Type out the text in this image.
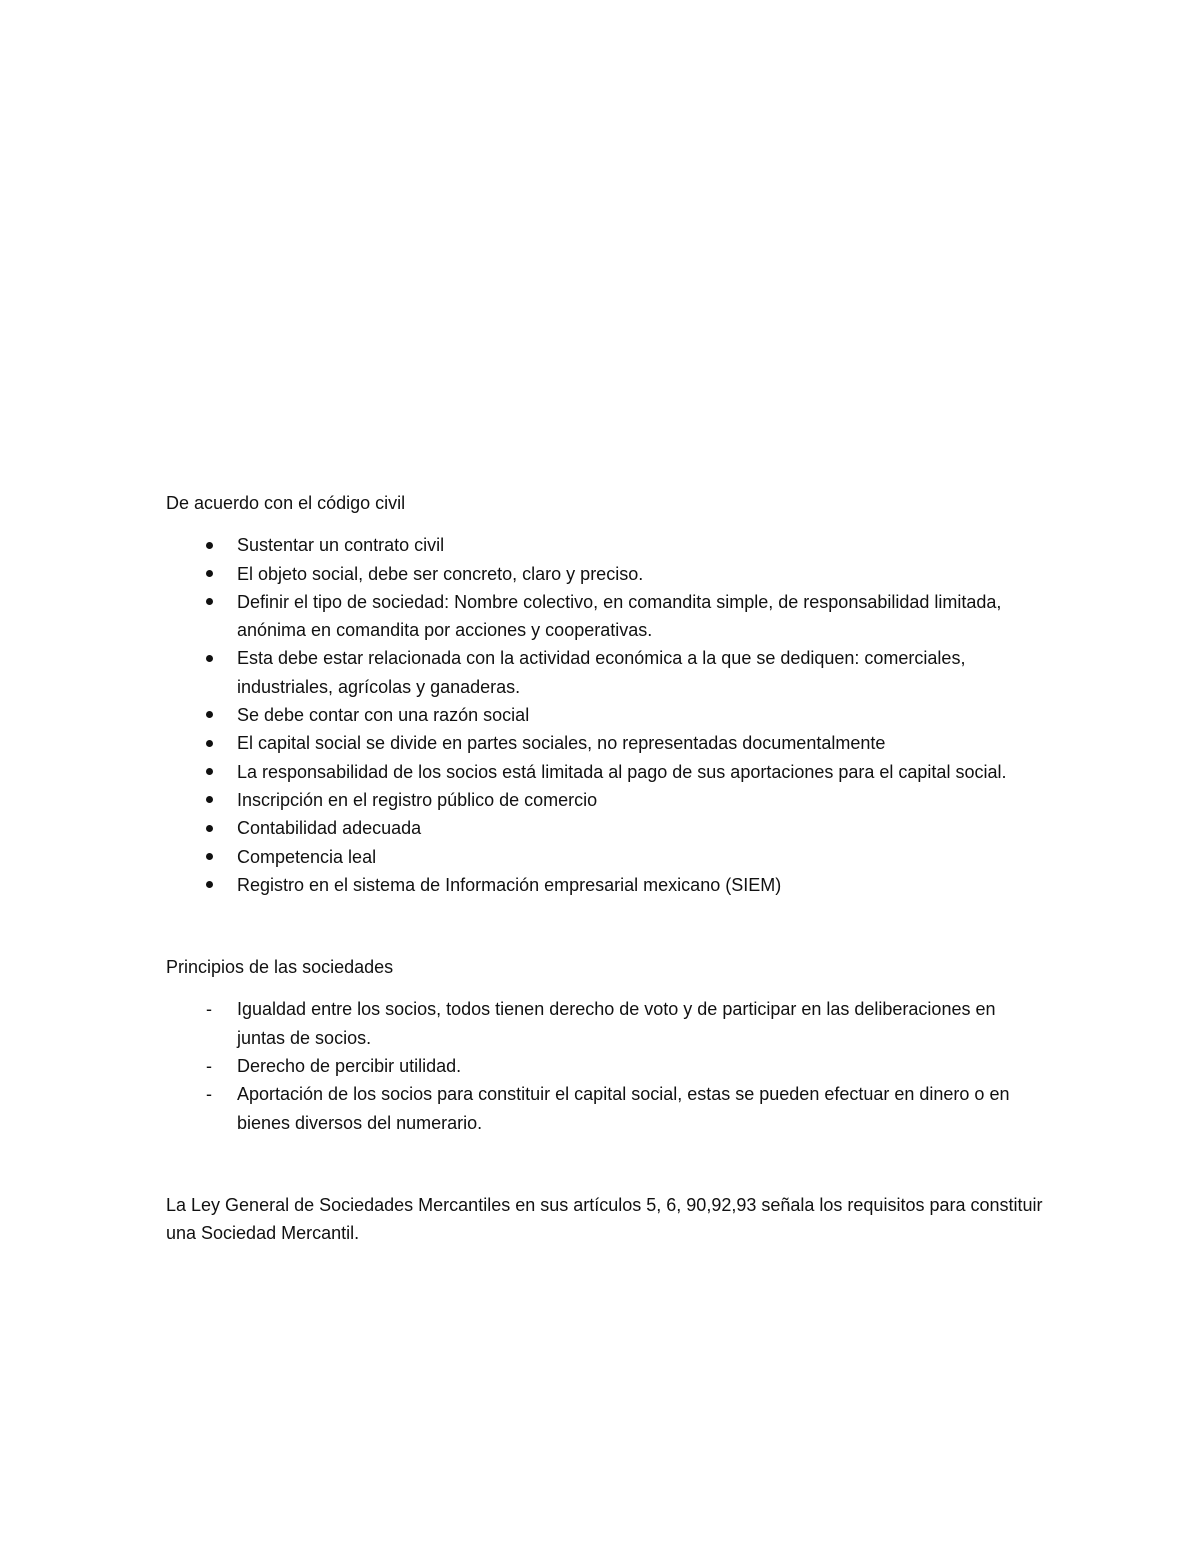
De acuerdo con el código civil

Sustentar un contrato civil
El objeto social, debe ser concreto, claro y preciso.
Definir el tipo de sociedad: Nombre colectivo, en comandita simple, de responsabilidad limitada, anónima en comandita por acciones y cooperativas.
Esta debe estar relacionada con la actividad económica a la que se dediquen: comerciales, industriales, agrícolas y ganaderas.
Se debe contar con una razón social
El capital social se divide en partes sociales, no representadas documentalmente
La responsabilidad de los socios está limitada al pago de sus aportaciones para el capital social.
Inscripción en el registro público de comercio
Contabilidad adecuada
Competencia leal
Registro en el sistema de Información empresarial mexicano (SIEM)

Principios de las sociedades

- Igualdad entre los socios, todos tienen derecho de voto y de participar en las deliberaciones en juntas de socios.
- Derecho de percibir utilidad.
- Aportación de los socios para constituir el capital social, estas se pueden efectuar en dinero o en bienes diversos del numerario.

La Ley General de Sociedades Mercantiles en sus artículos 5, 6, 90,92,93 señala los requisitos para constituir una Sociedad Mercantil.
